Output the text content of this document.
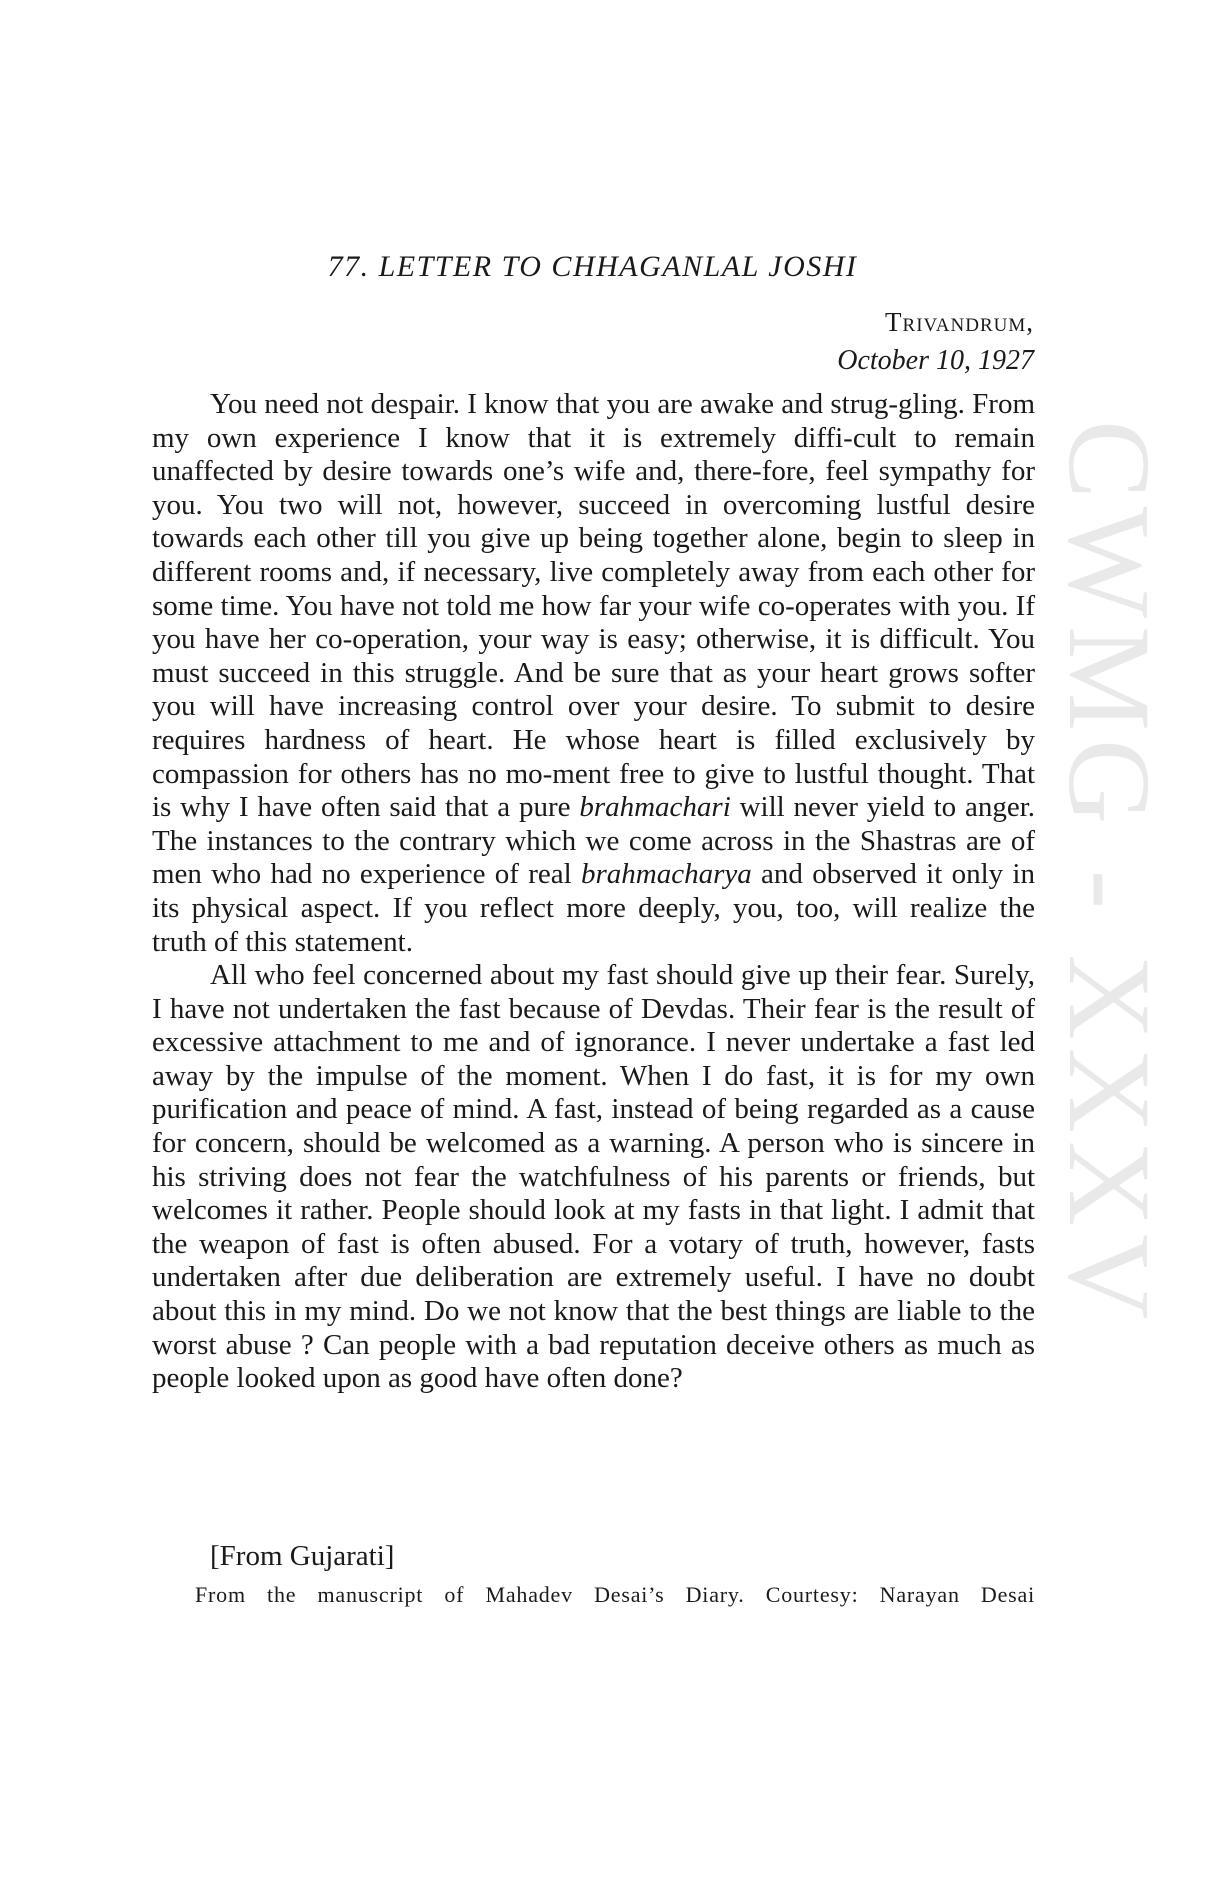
CWMG - XXXV
77. LETTER TO CHHAGANLAL JOSHI

Trivandrum,

October 10, 1927

You need not despair. I know that you are awake and strug-gling. From my own experience I know that it is extremely diffi-cult to remain unaffected by desire towards one’s wife and, there-fore, feel sympathy for you. You two will not, however, succeed in overcoming lustful desire towards each other till you give up being together alone, begin to sleep in different rooms and, if necessary, live completely away from each other for some time. You have not told me how far your wife co-operates with you. If you have her co-operation, your way is easy; otherwise, it is difficult. You must succeed in this struggle. And be sure that as your heart grows softer you will have increasing control over your desire. To submit to desire requires hardness of heart. He whose heart is filled exclusively by compassion for others has no mo-ment free to give to lustful thought. That is why I have often said that a pure brahmachari will never yield to anger. The instances to the contrary which we come across in the Shastras are of men who had no experience of real brahmacharya and observed it only in its physical aspect. If you reflect more deeply, you, too, will realize the truth of this statement.

All who feel concerned about my fast should give up their fear. Surely, I have not undertaken the fast because of Devdas. Their fear is the result of excessive attachment to me and of ignorance. I never undertake a fast led away by the impulse of the moment. When I do fast, it is for my own purification and peace of mind. A fast, instead of being regarded as a cause for concern, should be welcomed as a warning. A person who is sincere in his striving does not fear the watchfulness of his parents or friends, but welcomes it rather. People should look at my fasts in that light. I admit that the weapon of fast is often abused. For a votary of truth, however, fasts undertaken after due deliberation are extremely useful. I have no doubt about this in my mind. Do we not know that the best things are liable to the worst abuse ? Can people with a bad reputation deceive others as much as people looked upon as good have often done?

[From Gujarati]

From the manuscript of Mahadev Desai’s Diary. Courtesy: Narayan Desai
